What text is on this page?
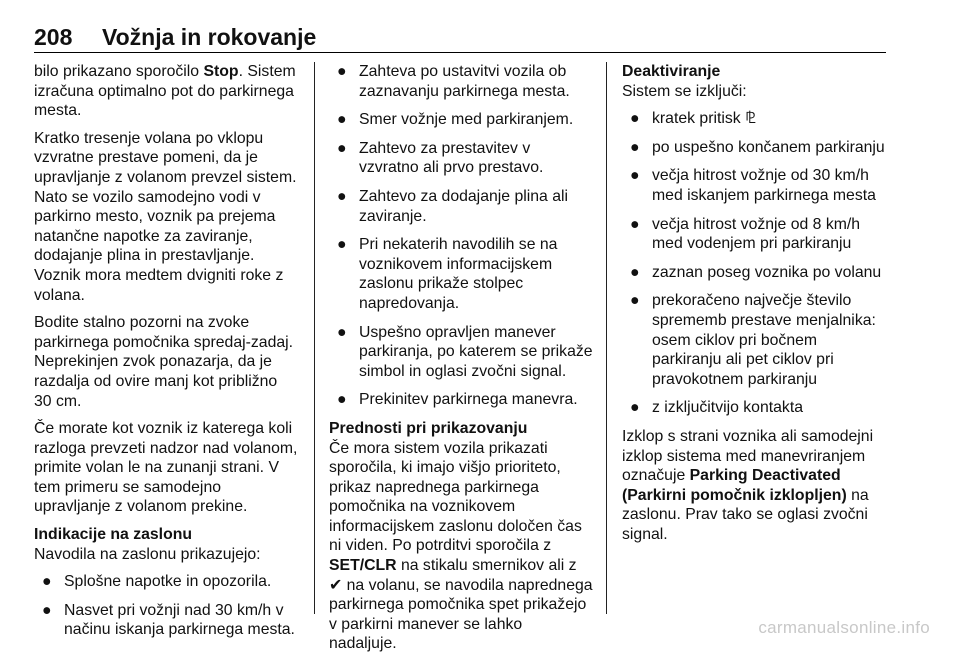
208 Vožnja in rokovanje

bilo prikazano sporočilo Stop. Sistem
izračuna optimalno pot do parkirnega
mesta.

Kratko tresenje volana po vklopu
vzvratne prestave pomeni, da je
upravljanje z volanom prevzel sistem.
Nato se vozilo samodejno vodi v
parkirno mesto, voznik pa prejema
natančne napotke za zaviranje,
dodajanje plina in prestavljanje.
Voznik mora medtem dvigniti roke z
volana.

Bodite stalno pozorni na zvoke
parkirnega pomočnika spredaj-zadaj.
Neprekinjen zvok ponazarja, da je
razdalja od ovire manj kot približno
30 cm.

Če morate kot voznik iz katerega koli
razloga prevzeti nadzor nad volanom,
primite volan le na zunanji strani. V
tem primeru se samodejno
upravljanje z volanom prekine.

Indikacije na zaslonu

Navodila na zaslonu prikazujejo:

● Splošne napotke in opozorila.
● Nasvet pri vožnji nad 30 km/h v
načinu iskanja parkirnega mesta.
● Zahteva po ustavitvi vozila ob
zaznavanju parkirnega mesta.
● Smer vožnje med parkiranjem.
● Zahtevo za prestavitev v
vzvratno ali prvo prestavo.
● Zahtevo za dodajanje plina ali
zaviranje.
● Pri nekaterih navodilih se na
voznikovem informacijskem
zaslonu prikaže stolpec
napredovanja.
● Uspešno opravljen manever
parkiranja, po katerem se prikaže
simbol in oglasi zvočni signal.
● Prekinitev parkirnega manevra.

Prednosti pri prikazovanju

Če mora sistem vozila prikazati
sporočila, ki imajo višjo prioriteto,
prikaz naprednega parkirnega
pomočnika na voznikovem
informacijskem zaslonu določen čas
ni viden. Po potrditvi sporočila z
SET/CLR na stikalu smernikov ali z
✔ na volanu, se navodila naprednega
parkirnega pomočnika spet prikažejo
v parkirni manever se lahko
nadaljuje.

Deaktiviranje

Sistem se izključi:

● kratek pritisk ⅊
● po uspešno končanem parkiranju
● večja hitrost vožnje od 30 km/h
med iskanjem parkirnega mesta
● večja hitrost vožnje od 8 km/h
med vodenjem pri parkiranju
● zaznan poseg voznika po volanu
● prekoračeno največje število
sprememb prestave menjalnika:
osem ciklov pri bočnem
parkiranju ali pet ciklov pri
pravokotnem parkiranju
● z izključitvijo kontakta

Izklop s strani voznika ali samodejni
izklop sistema med manevriranjem
označuje Parking Deactivated
(Parkirni pomočnik izklopljen) na
zaslonu. Prav tako se oglasi zvočni
signal.

carmanualsonline.info
